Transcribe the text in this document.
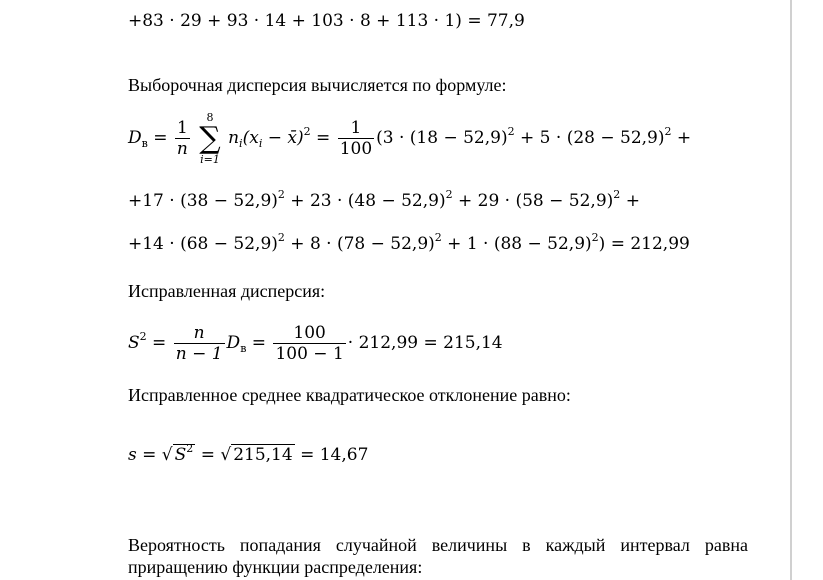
+83 · 29 + 93 · 14 + 103 · 8 + 113 · 1) = 77,9
Выборочная дисперсия вычисляется по формуле:
$D_в = \frac{1}{n}$

8
∑
i=1
$n_i(x_i$ − x̄)$^2$ = $\frac{1}{100} (3 \cdot (18 - 52,9)^2 + 5 \cdot (28 - 52,9)^2$ +
$+17 \cdot (38 - 52,9)^2 + 23 \cdot (48 - 52,9)^2 + 29 \cdot (58 - 52,9)^2$ +
$+14 \cdot (68 - 52,9)^2 + 8 \cdot (78 - 52,9)^2 + 1 \cdot (88 - 52,9)^2) = 212,99$
Исправленная дисперсия:
$S^2 = \frac{n}{n - 1} D_в = \frac{100}{100 - 1} \cdot 212,99 = 215,14$
Исправленное среднее квадратическое отклонение равно:
s = √ $S^2$ = √ 215,14 = 14,67
Вероятность попадания случайной величины в каждый интервал равна
приращению функции распределения:
